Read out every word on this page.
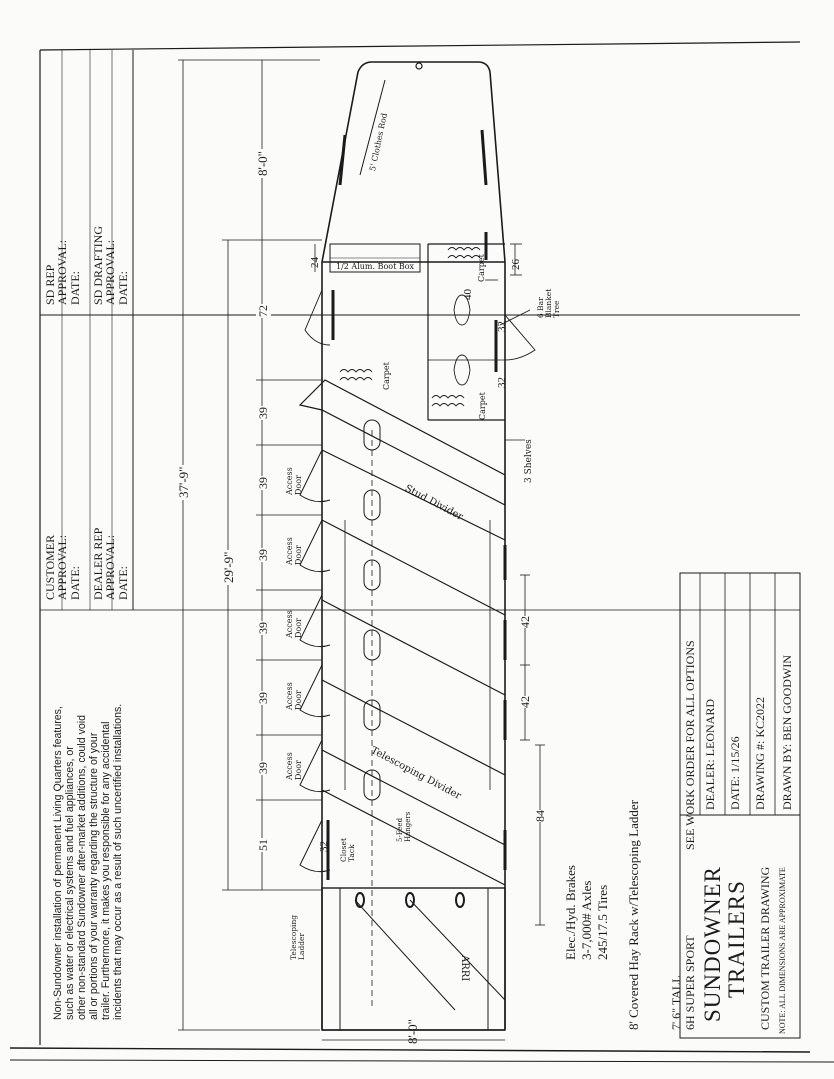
Non-Sundowner installation of permanent Living Quarters features, such as water or electrical systems and fuel appliances, or other non-standard Sundowner after-market additions, could void all or portions of your warranty regarding the structure of your trailer. Furthermore, it makes you responsible for any accidental incidents that may occur as a result of such uncertified installations.
CUSTOMER APPROVAL: DATE: DEALER REP APPROVAL: DATE:
SD REP APPROVAL: DATE: SD DRAFTING APPROVAL: DATE:
37'-9"
29'-9"
8'-0"
72
39
39
39
39
39
39
51
24	26
40
32
32
32
42
42
84
8'-0"
5' Clothes Rod
1/2 Alum. Boot Box
Carpet
Carpet
Carpet
6 Bar Blanket Tree
3 Shelves
Stud Divider
Telescoping Divider
Access Door
Access Door
Access Door
Access Door
Access Door
5-Feed Hangers
Closet Tack
Telescoping Ladder
ARRI
Elec./Hyd. Brakes 3-7,000# Axles 245/17.5 Tires 8' Covered Hay Rack w/Telescoping Ladder 7' 6" TALL 6H SUPER SPORT
SEE WORK ORDER FOR ALL OPTIONS
SUNDOWNER TRAILERS CUSTOM TRAILER DRAWING NOTE: ALL DIMENSIONS ARE APPROXIMATE
DEALER: LEONARD DATE: 1/15/26 DRAWING #: KC2022 DRAWN BY: BEN GOODWIN
